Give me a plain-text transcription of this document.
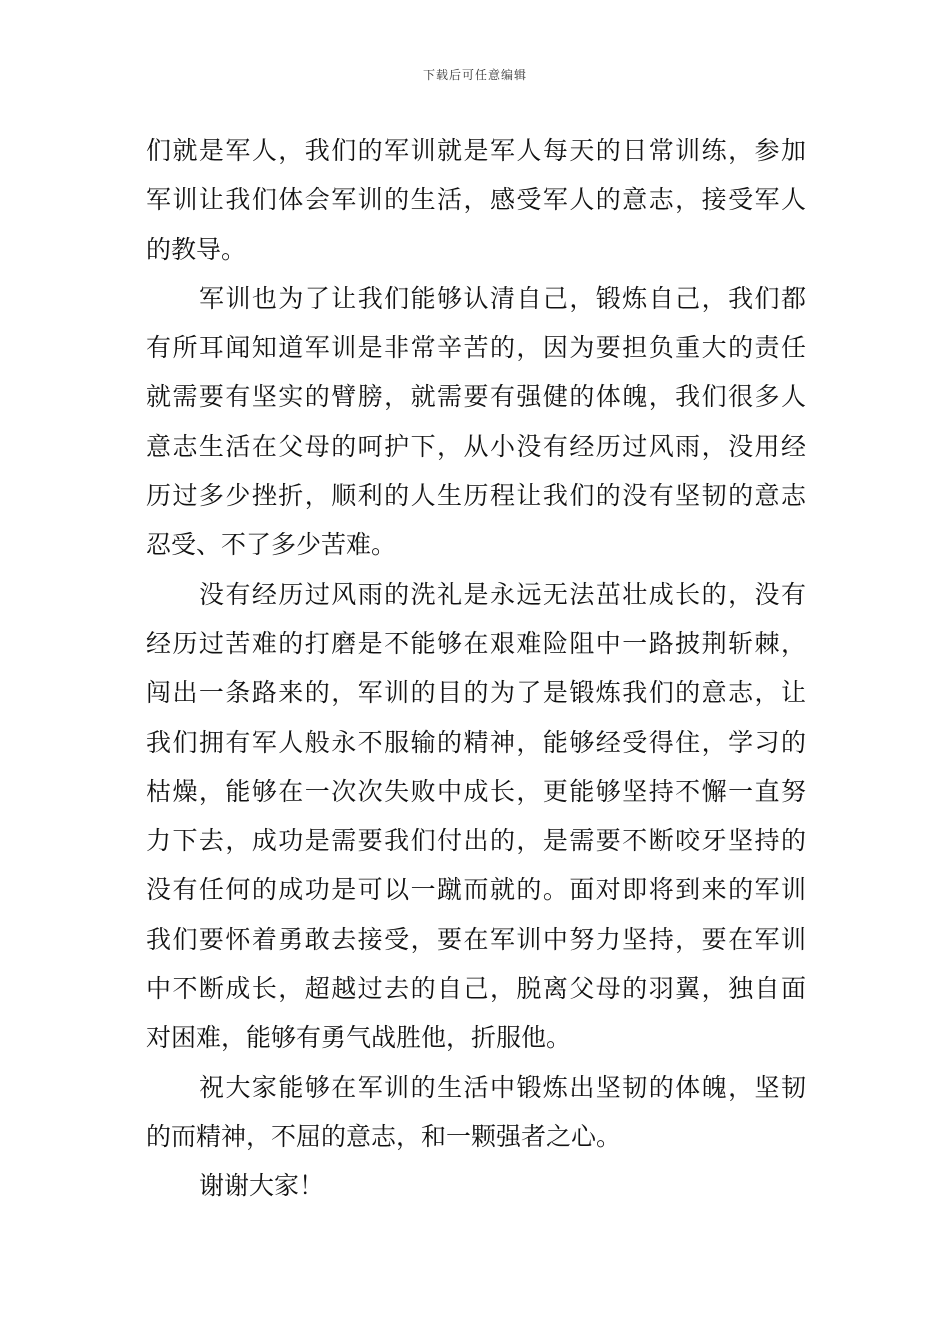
下载后可任意编辑
们就是军人，我们的军训就是军人每天的日常训练，参加
军训让我们体会军训的生活，感受军人的意志，接受军人
的教导。
军训也为了让我们能够认清自己，锻炼自己，我们都
有所耳闻知道军训是非常辛苦的，因为要担负重大的责任
就需要有坚实的臂膀，就需要有强健的体魄，我们很多人
意志生活在父母的呵护下，从小没有经历过风雨，没用经
历过多少挫折，顺利的人生历程让我们的没有坚韧的意志
忍受、不了多少苦难。
没有经历过风雨的洗礼是永远无法茁壮成长的，没有
经历过苦难的打磨是不能够在艰难险阻中一路披荆斩棘，
闯出一条路来的，军训的目的为了是锻炼我们的意志，让
我们拥有军人般永不服输的精神，能够经受得住，学习的
枯燥，能够在一次次失败中成长，更能够坚持不懈一直努
力下去，成功是需要我们付出的，是需要不断咬牙坚持的
没有任何的成功是可以一蹴而就的。面对即将到来的军训
我们要怀着勇敢去接受，要在军训中努力坚持，要在军训
中不断成长，超越过去的自己，脱离父母的羽翼，独自面
对困难，能够有勇气战胜他，折服他。
祝大家能够在军训的生活中锻炼出坚韧的体魄，坚韧
的而精神，不屈的意志，和一颗强者之心。
谢谢大家！
